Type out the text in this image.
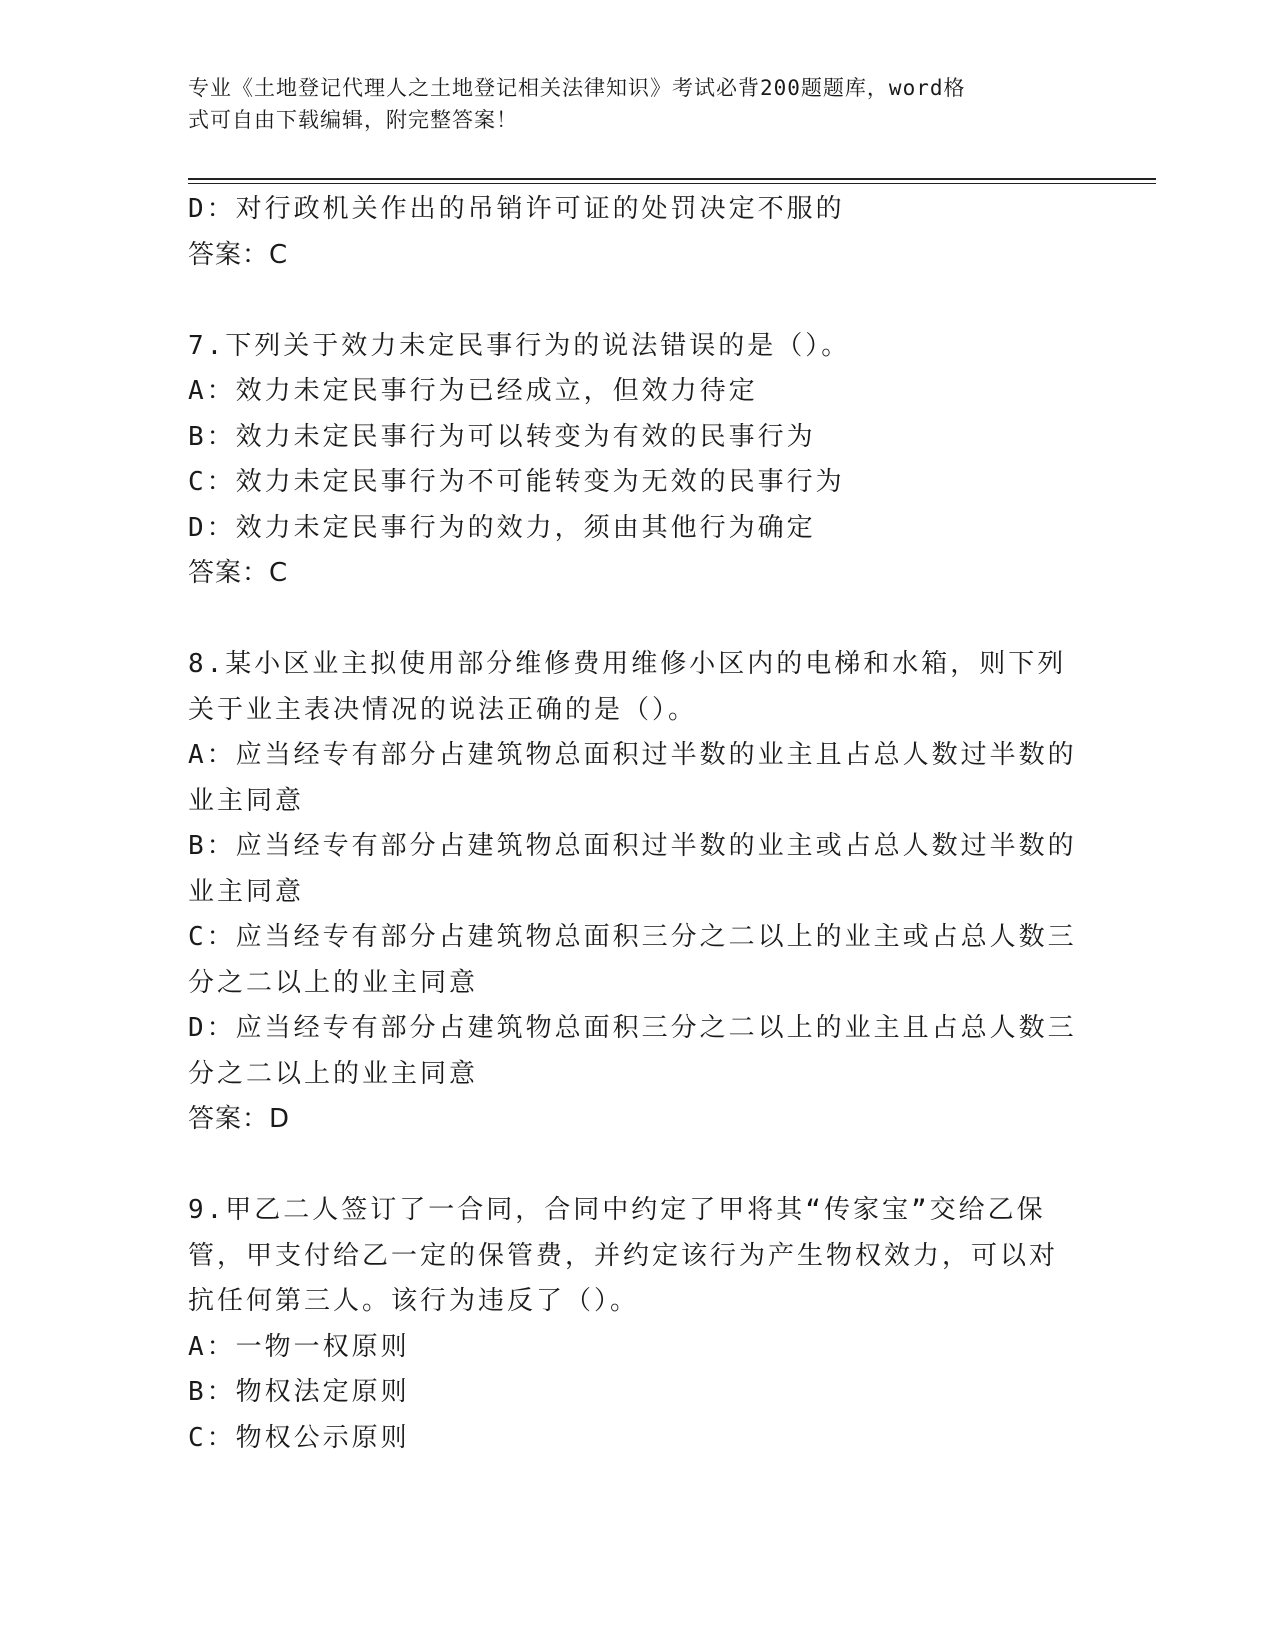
专业《土地登记代理人之土地登记相关法律知识》考试必背200题题库，word格
式可自由下载编辑，附完整答案！
D：对行政机关作出的吊销许可证的处罚决定不服的
答案：C
7.下列关于效力未定民事行为的说法错误的是（）。
A：效力未定民事行为已经成立，但效力待定
B：效力未定民事行为可以转变为有效的民事行为
C：效力未定民事行为不可能转变为无效的民事行为
D：效力未定民事行为的效力，须由其他行为确定
答案：C
8.某小区业主拟使用部分维修费用维修小区内的电梯和水箱，则下列
关于业主表决情况的说法正确的是（）。
A：应当经专有部分占建筑物总面积过半数的业主且占总人数过半数的
业主同意
B：应当经专有部分占建筑物总面积过半数的业主或占总人数过半数的
业主同意
C：应当经专有部分占建筑物总面积三分之二以上的业主或占总人数三
分之二以上的业主同意
D：应当经专有部分占建筑物总面积三分之二以上的业主且占总人数三
分之二以上的业主同意
答案：D
9.甲乙二人签订了一合同，合同中约定了甲将其“传家宝”交给乙保
管，甲支付给乙一定的保管费，并约定该行为产生物权效力，可以对
抗任何第三人。该行为违反了（）。
A：一物一权原则
B：物权法定原则
C：物权公示原则
